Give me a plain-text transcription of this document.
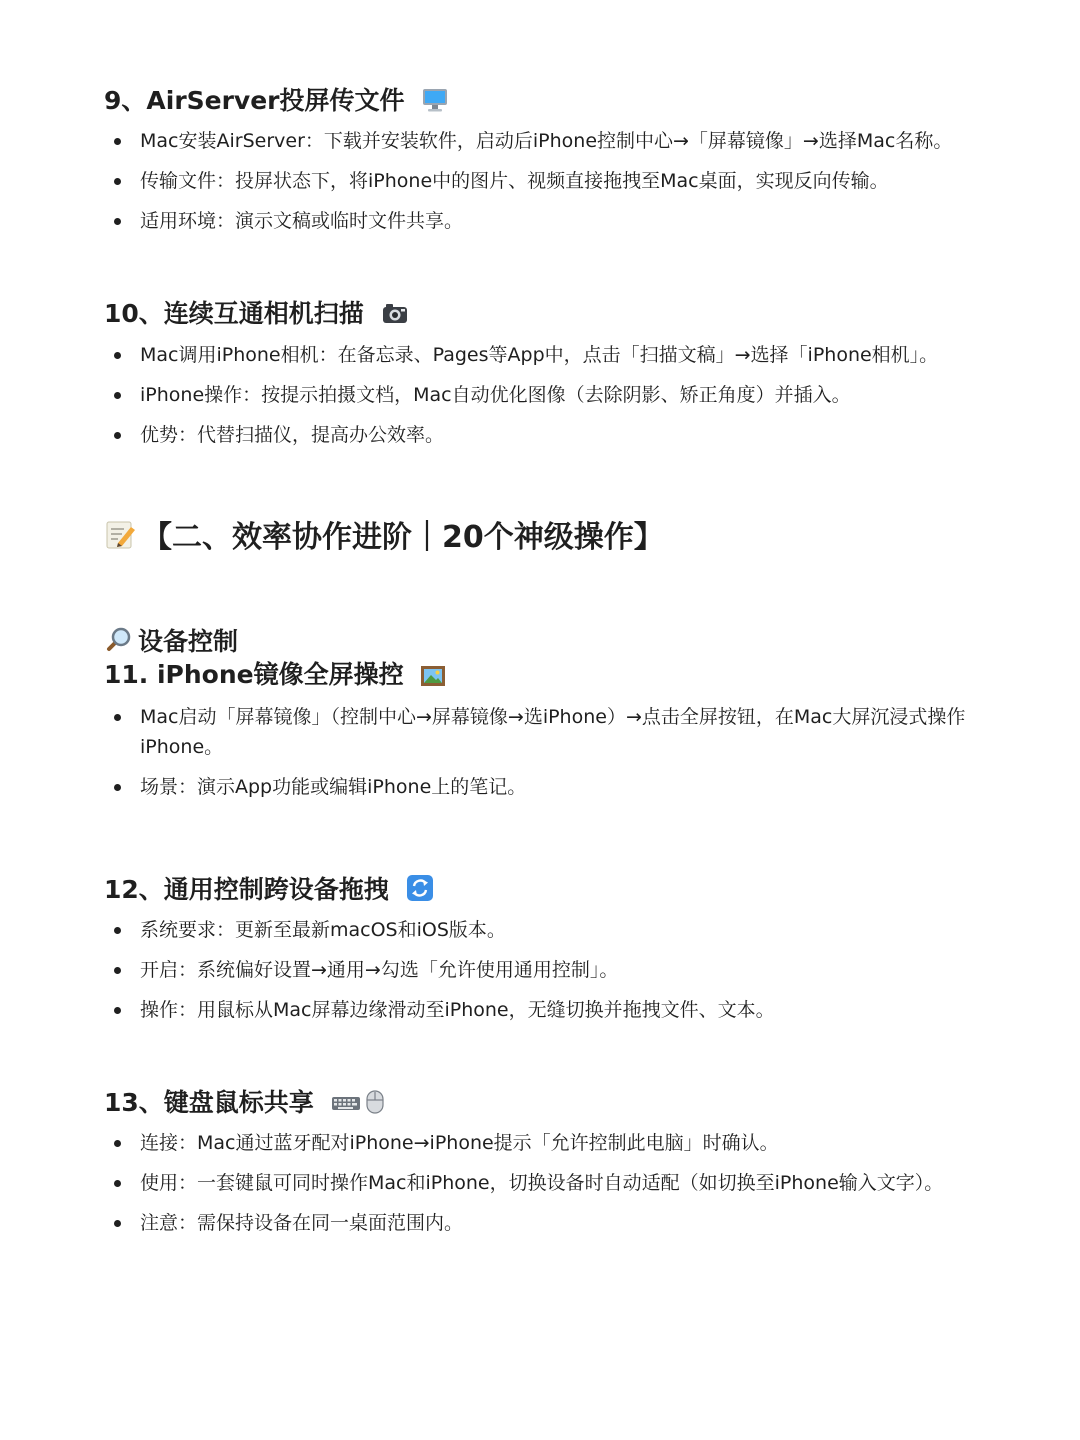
9、AirServer投屏传文件
Mac安装AirServer：下载并安装软件，启动后iPhone控制中心→「屏幕镜像」→选择Mac名称。
传输文件：投屏状态下，将iPhone中的图片、视频直接拖拽至Mac桌面，实现反向传输。
适用环境：演示文稿或临时文件共享。
10、连续互通相机扫描
Mac调用iPhone相机：在备忘录、Pages等App中，点击「扫描文稿」→选择「iPhone相机」。
iPhone操作：按提示拍摄文档，Mac自动优化图像（去除阴影、矫正角度）并插入。
优势：代替扫描仪，提高办公效率。
【二、效率协作进阶｜20个神级操作】
设备控制
11. iPhone镜像全屏操控
Mac启动「屏幕镜像」（控制中心→屏幕镜像→选iPhone）→点击全屏按钮，在Mac大屏沉浸式操作iPhone。
场景：演示App功能或编辑iPhone上的笔记。
12、通用控制跨设备拖拽
系统要求：更新至最新macOS和iOS版本。
开启：系统偏好设置→通用→勾选「允许使用通用控制」。
操作：用鼠标从Mac屏幕边缘滑动至iPhone，无缝切换并拖拽文件、文本。
13、键盘鼠标共享
连接：Mac通过蓝牙配对iPhone→iPhone提示「允许控制此电脑」时确认。
使用：一套键鼠可同时操作Mac和iPhone，切换设备时自动适配（如切换至iPhone输入文字）。
注意：需保持设备在同一桌面范围内。
